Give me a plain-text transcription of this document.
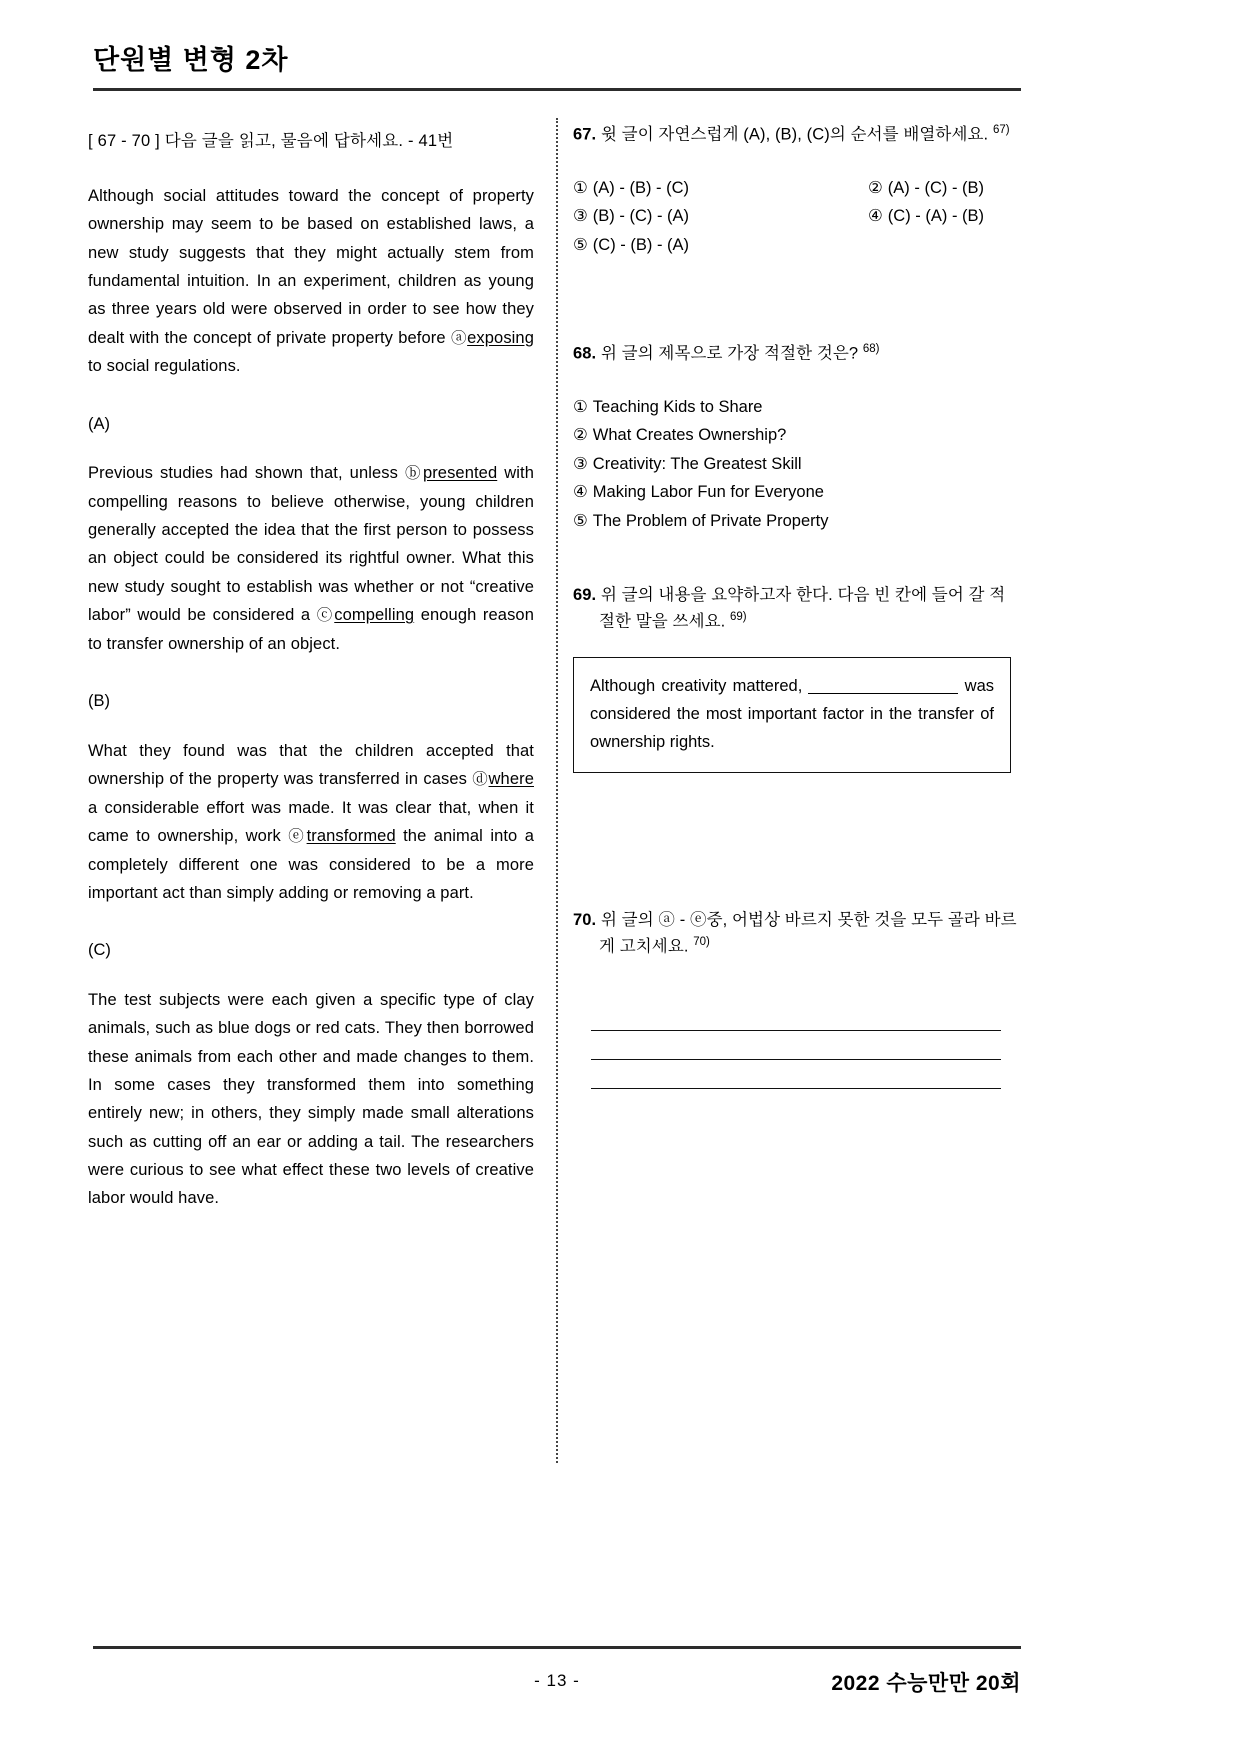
단원별 변형 2차
[ 67 - 70 ] 다음 글을 읽고, 물음에 답하세요. - 41번
Although social attitudes toward the concept of property ownership may seem to be based on established laws, a new study suggests that they might actually stem from fundamental intuition. In an experiment, children as young as three years old were observed in order to see how they dealt with the concept of private property before ⓐexposing to social regulations.
(A)
Previous studies had shown that, unless ⓑpresented with compelling reasons to believe otherwise, young children generally accepted the idea that the first person to possess an object could be considered its rightful owner. What this new study sought to establish was whether or not “creative labor” would be considered a ⓒcompelling enough reason to transfer ownership of an object.
(B)
What they found was that the children accepted that ownership of the property was transferred in cases ⓓwhere a considerable effort was made. It was clear that, when it came to ownership, work ⓔtransformed the animal into a completely different one was considered to be a more important act than simply adding or removing a part.
(C)
The test subjects were each given a specific type of clay animals, such as blue dogs or red cats. They then borrowed these animals from each other and made changes to them. In some cases they transformed them into something entirely new; in others, they simply made small alterations such as cutting off an ear or adding a tail. The researchers were curious to see what effect these two levels of creative labor would have.
67. 윗 글이 자연스럽게 (A), (B), (C)의 순서를 배열하세요. $^{67)}$
① (A) - (B) - (C)	② (A) - (C) - (B)
③ (B) - (C) - (A)	④ (C) - (A) - (B)
⑤ (C) - (B) - (A)
68. 위 글의 제목으로 가장 적절한 것은? $^{68)}$
① Teaching Kids to Share
② What Creates Ownership?
③ Creativity: The Greatest Skill
④ Making Labor Fun for Everyone
⑤ The Problem of Private Property
69. 위 글의 내용을 요약하고자 한다. 다음 빈 칸에 들어 갈 적절한 말을 쓰세요. $^{69)}$
Although creativity mattered,	was considered the most important factor in the transfer of ownership rights.
70. 위 글의 ⓐ - ⓔ중, 어법상 바르지 못한 것을 모두 골라 바르게 고치세요. $^{70)}$
- 13 -	2022 수능만만 20회
